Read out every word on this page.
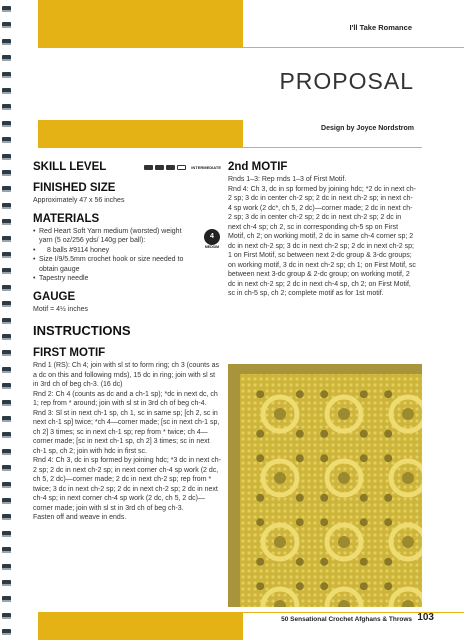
I'll Take Romance
PROPOSAL
Design by Joyce Nordstrom
SKILL LEVEL	INTERMEDIATE
FINISHED SIZE

Approximately 47 x 56 inches

MATERIALS
• Red Heart Soft Yarn medium (worsted) weight yarn (5 oz/256 yds/ 140g per ball):
• 8 balls #9114 honey
• Size I/9/5.5mm crochet hook or size needed to obtain gauge
• Tapestry needle
4
MEDIUM
GAUGE

Motif = 4½ inches

INSTRUCTIONS
FIRST MOTIF

Rnd 1 (RS): Ch 4; join with sl st to form ring; ch 3 (counts as a dc on this and following rnds), 15 dc in ring; join with sl st in 3rd ch of beg ch-3. (16 dc)

Rnd 2: Ch 4 (counts as dc and a ch-1 sp); *dc in next dc, ch 1; rep from * around; join with sl st in 3rd ch of beg ch-4.

Rnd 3: Sl st in next ch-1 sp, ch 1, sc in same sp; [ch 2, sc in next ch-1 sp] twice; *ch 4—corner made; [sc in next ch-1 sp, ch 2] 3 times; sc in next ch-1 sp; rep from * twice; ch 4—corner made; [sc in next ch-1 sp, ch 2] 3 times; sc in next ch-1 sp, ch 2; join with hdc in first sc.

Rnd 4: Ch 3, dc in sp formed by joining hdc; *3 dc in next ch-2 sp; 2 dc in next ch-2 sp; in next corner ch-4 sp work (2 dc, ch 5, 2 dc)—corner made; 2 dc in next ch-2 sp; rep from * twice; 3 dc in next ch-2 sp; 2 dc in next ch-2 sp; 2 dc in next ch-4 sp; in next corner ch-4 sp work (2 dc, ch 5, 2 dc)—corner made; join with sl st in 3rd ch of beg ch-3.

Fasten off and weave in ends.

2nd MOTIF

Rnds 1–3: Rep rnds 1–3 of First Motif.

Rnd 4: Ch 3, dc in sp formed by joining hdc; *2 dc in next ch-2 sp; 3 dc in center ch-2 sp; 2 dc in next ch-2 sp; in next ch-4 sp work (2 dc*, ch 5, 2 dc)—corner made; 2 dc in next ch-2 sp; 3 dc in center ch-2 sp; 2 dc in next ch-2 sp; 2 dc in next ch-4 sp; ch 2, sc in corresponding ch-5 sp on First Motif, ch 2; on working motif, 2 dc in same ch-4 corner sp; 2 dc in next ch-2 sp; 3 dc in next ch-2 sp; 2 dc in next ch-2 sp; 1 on First Motif, sc between next 2-dc group & 3-dc groups; on working motif, 3 dc in next ch-2 sp; ch 1; on First Motif, sc between next 3-dc group & 2-dc group; on working motif, 2 dc in next ch-2 sp; 2 dc in next ch-4 sp, ch 2; on First Motif, sc in ch-5 sp, ch 2; complete motif as for 1st motif.

50 Sensational Crochet Afghans & Throws 103
